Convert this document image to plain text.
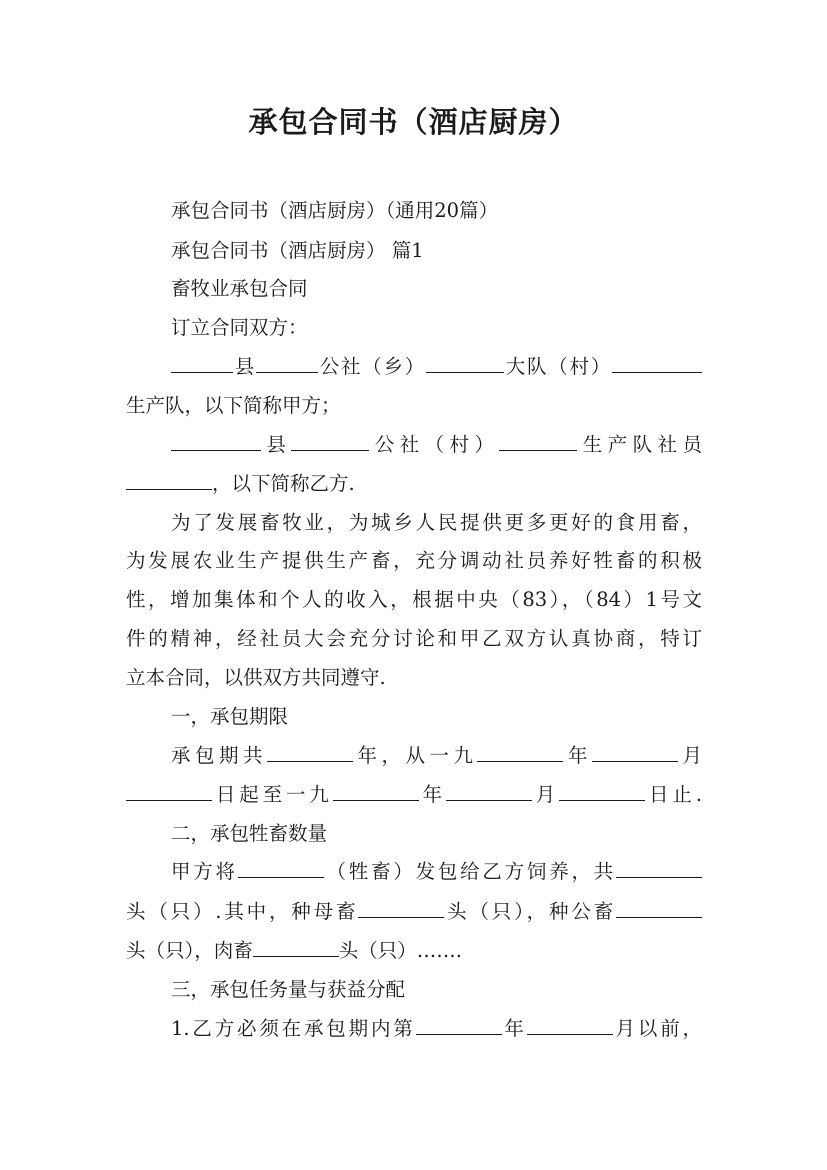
承包合同书（酒店厨房）
承包合同书（酒店厨房）（通用20篇）
承包合同书（酒店厨房） 篇1
畜牧业承包合同
订立合同双方：
县	公社（乡）	大队（村）
生产队，以下简称甲方；
县	公社（村）	生产队社员
，以下简称乙方.
为了发展畜牧业，为城乡人民提供更多更好的食用畜，
为发展农业生产提供生产畜，充分调动社员养好牲畜的积极
性，增加集体和个人的收入，根据中央（83），（84）1号文
件的精神，经社员大会充分讨论和甲乙双方认真协商，特订
立本合同，以供双方共同遵守.
一，承包期限
承包期共	年，从一九	年	月
日起至一九	年	月	日止.
二，承包牲畜数量
甲方将	（牲畜）发包给乙方饲养，共
头（只）.其中，种母畜	头（只），种公畜
头（只），肉畜	头（只）…….
三，承包任务量与获益分配
1.乙方必须在承包期内第	年	月以前，
